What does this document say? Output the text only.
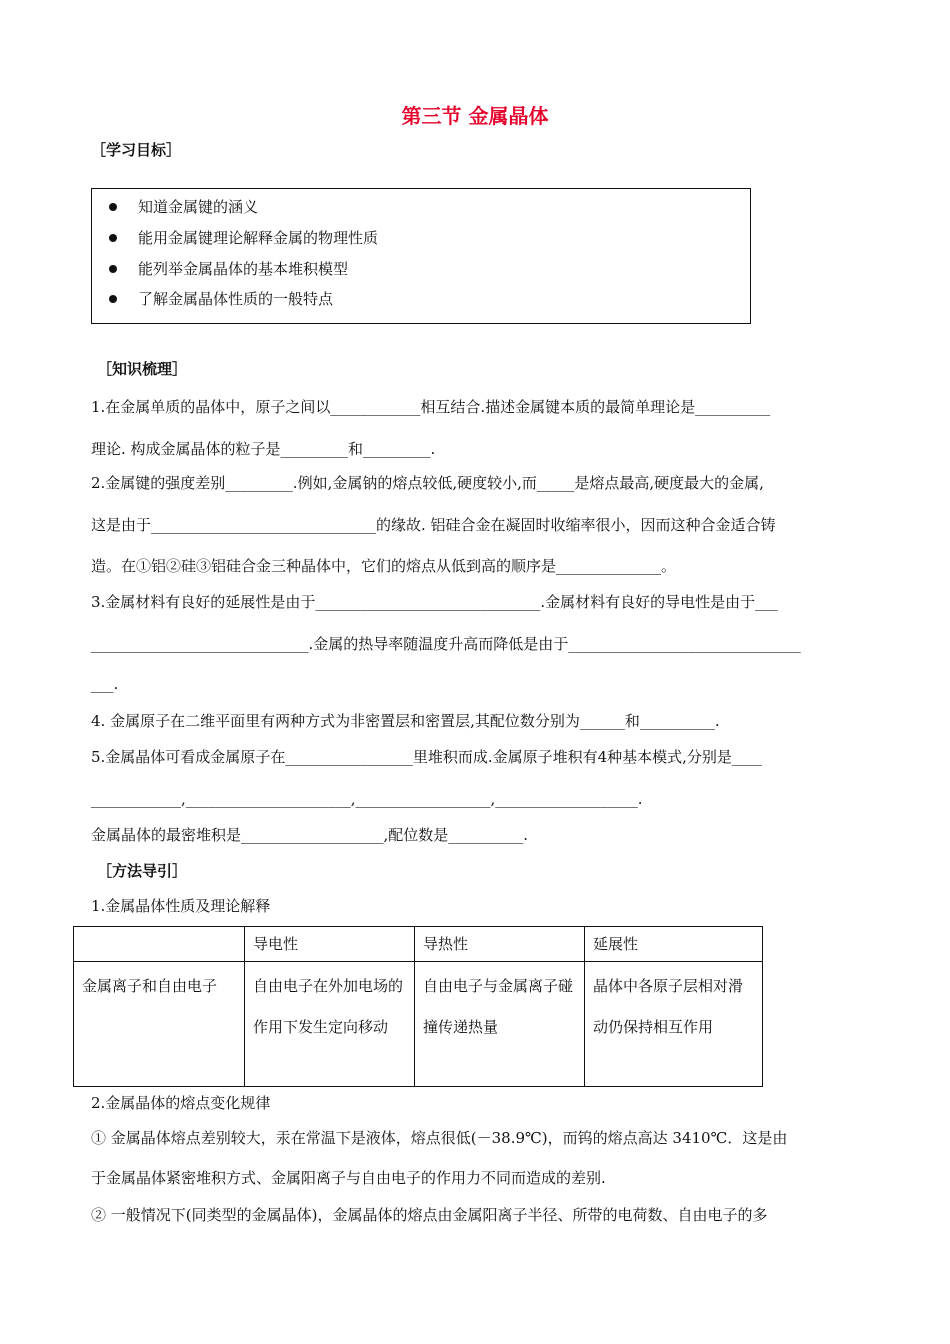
第三节 金属晶体
［学习目标］
知道金属键的涵义
能用金属键理论解释金属的物理性质
能列举金属晶体的基本堆积模型
了解金属晶体性质的一般特点
［知识梳理］
1.在金属单质的晶体中，原子之间以____________相互结合.描述金属键本质的最简单理论是__________
理论. 构成金属晶体的粒子是_________和_________.
2.金属键的强度差别_________.例如,金属钠的熔点较低,硬度较小,而_____是熔点最高,硬度最大的金属,
这是由于______________________________的缘故. 铝硅合金在凝固时收缩率很小，因而这种合金适合铸
造。在①铝②硅③铝硅合金三种晶体中，它们的熔点从低到高的顺序是______________。
3.金属材料有良好的延展性是由于______________________________.金属材料有良好的导电性是由于___
_____________________________.金属的热导率随温度升高而降低是由于_______________________________
___.
4. 金属原子在二维平面里有两种方式为非密置层和密置层,其配位数分别为______和__________.
5.金属晶体可看成金属原子在_________________里堆积而成.金属原子堆积有4种基本模式,分别是____
____________,______________________,__________________,___________________.
金属晶体的最密堆积是___________________,配位数是__________.
［方法导引］
1.金属晶体性质及理论解释
	导电性	导热性	延展性
金属离子和自由电子	自由电子在外加电场的作用下发生定向移动	自由电子与金属离子碰撞传递热量	晶体中各原子层相对滑动仍保持相互作用
2.金属晶体的熔点变化规律
① 金属晶体熔点差别较大，汞在常温下是液体，熔点很低(－38.9℃)，而钨的熔点高达 3410℃．这是由
于金属晶体紧密堆积方式、金属阳离子与自由电子的作用力不同而造成的差别.
② 一般情况下(同类型的金属晶体)，金属晶体的熔点由金属阳离子半径、所带的电荷数、自由电子的多
